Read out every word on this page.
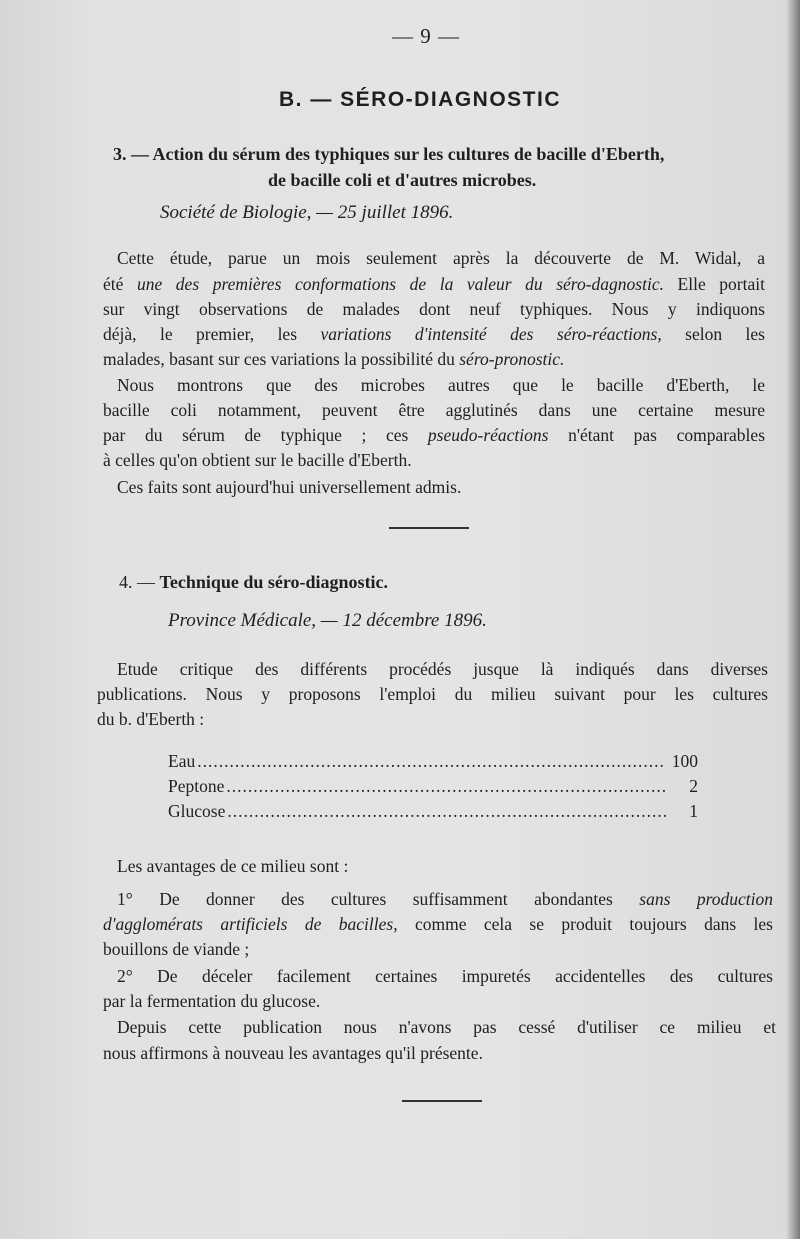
— 9 —
B. — SÉRO-DIAGNOSTIC
3. — Action du sérum des typhiques sur les cultures de bacille d'Eberth,
de bacille coli et d'autres microbes.
Société de Biologie, — 25 juillet 1896.
Cette étude, parue un mois seulement après la découverte de M. Widal, a
été une des premières conformations de la valeur du séro-dagnostic. Elle portait
sur vingt observations de malades dont neuf typhiques. Nous y indiquons
déjà, le premier, les variations d'intensité des séro-réactions, selon les
malades, basant sur ces variations la possibilité du séro-pronostic.
Nous montrons que des microbes autres que le bacille d'Eberth, le
bacille coli notamment, peuvent être agglutinés dans une certaine mesure
par du sérum de typhique ; ces pseudo-réactions n'étant pas comparables
à celles qu'on obtient sur le bacille d'Eberth.
Ces faits sont aujourd'hui universellement admis.
4. — Technique du séro-diagnostic.
Province Médicale, — 12 décembre 1896.
Etude critique des différents procédés jusque là indiqués dans diverses
publications. Nous y proposons l'emploi du milieu suivant pour les cultures
du b. d'Eberth :
Eau .....	100
Peptone .....	2
Glucose .....	1
Les avantages de ce milieu sont :
1° De donner des cultures suffisamment abondantes sans production
d'agglomérats artificiels de bacilles, comme cela se produit toujours dans les
bouillons de viande ;
2° De déceler facilement certaines impuretés accidentelles des cultures
par la fermentation du glucose.
Depuis cette publication nous n'avons pas cessé d'utiliser ce milieu et
nous affirmons à nouveau les avantages qu'il présente.
